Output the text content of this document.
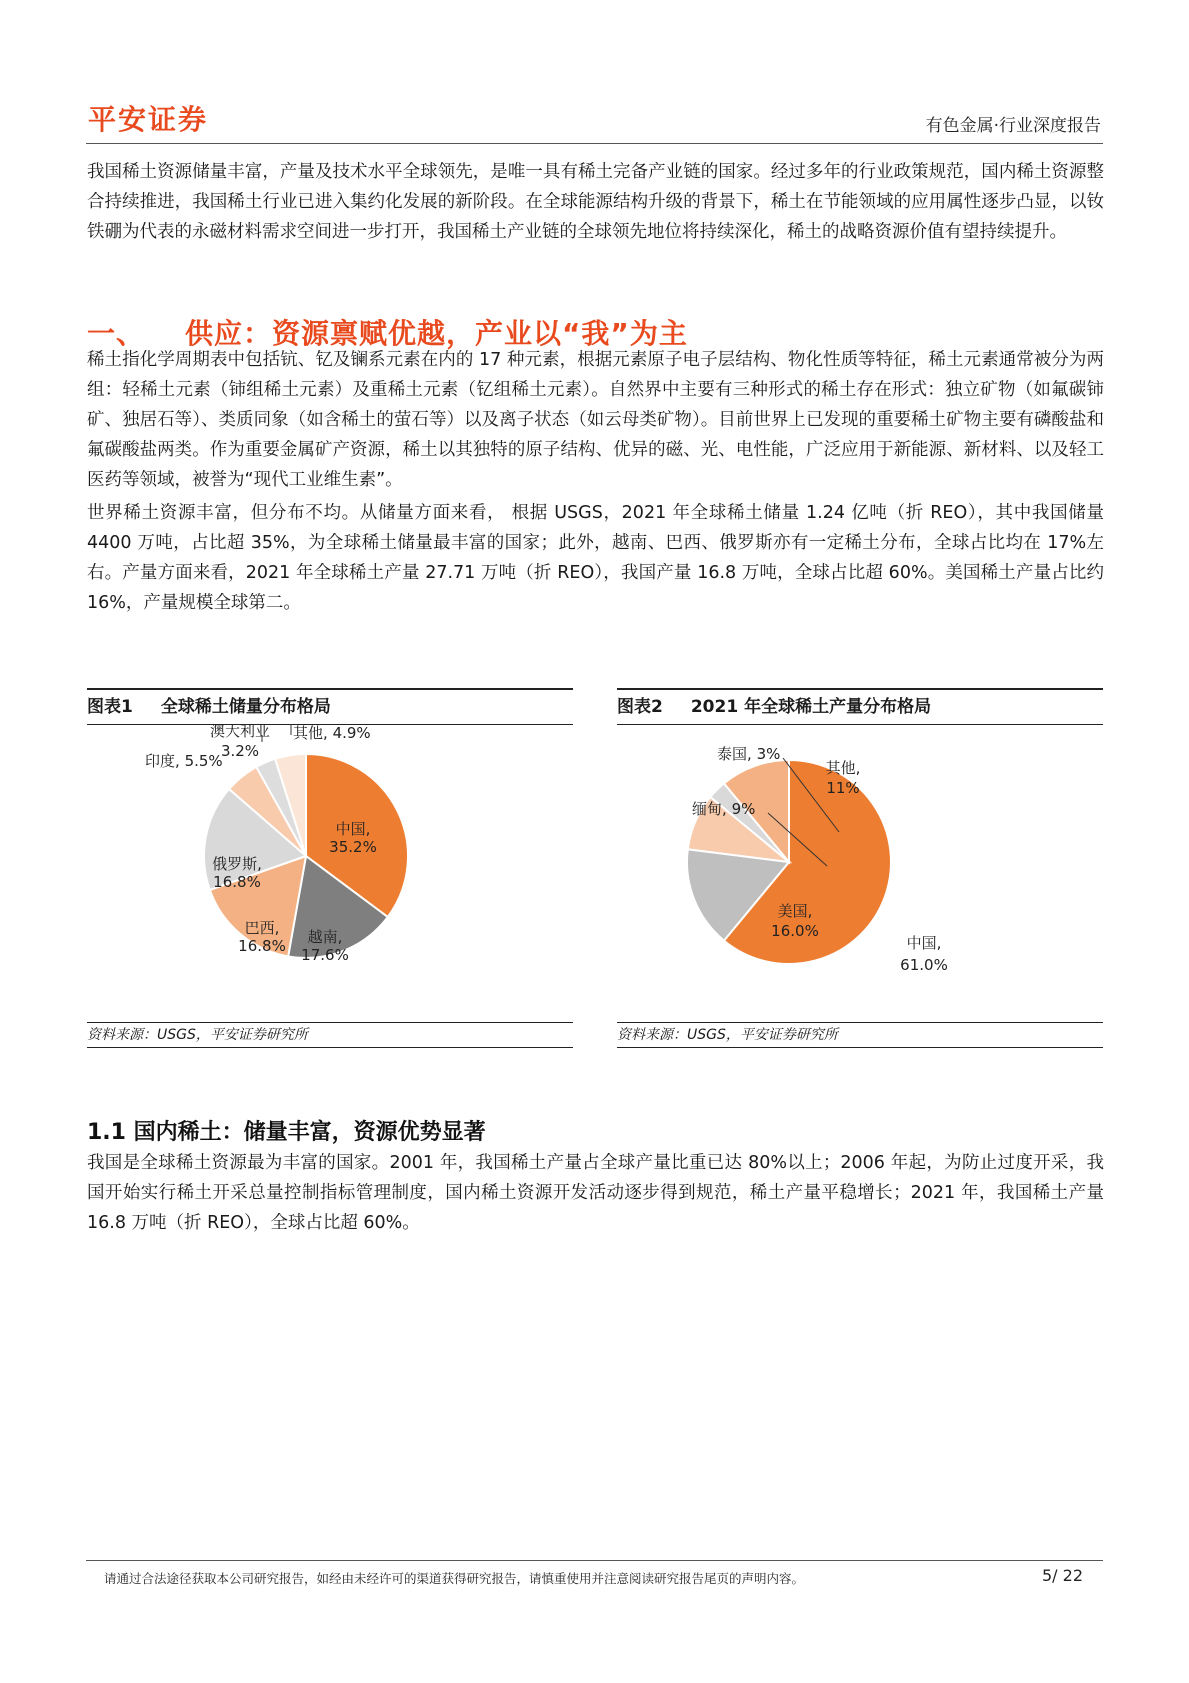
平安证券	有色金属·行业深度报告

我国稀土资源储量丰富，产量及技术水平全球领先，是唯一具有稀土完备产业链的国家。经过多年的行业政策规范，国内稀土资源整合持续推进，我国稀土行业已进入集约化发展的新阶段。在全球能源结构升级的背景下，稀土在节能领域的应用属性逐步凸显，以钕铁硼为代表的永磁材料需求空间进一步打开，我国稀土产业链的全球领先地位将持续深化，稀土的战略资源价值有望持续提升。

一、 供应：资源禀赋优越，产业以“我”为主

稀土指化学周期表中包括钪、钇及镧系元素在内的 17 种元素，根据元素原子电子层结构、物化性质等特征，稀土元素通常被分为两组：轻稀土元素（铈组稀土元素）及重稀土元素（钇组稀土元素）。自然界中主要有三种形式的稀土存在形式：独立矿物（如氟碳铈矿、独居石等）、类质同象（如含稀土的萤石等）以及离子状态（如云母类矿物）。目前世界上已发现的重要稀土矿物主要有磷酸盐和氟碳酸盐两类。作为重要金属矿产资源，稀土以其独特的原子结构、优异的磁、光、电性能，广泛应用于新能源、新材料、以及轻工医药等领域，被誉为“现代工业维生素”。

世界稀土资源丰富，但分布不均。从储量方面来看， 根据 USGS，2021 年全球稀土储量 1.24 亿吨（折 REO），其中我国储量 4400 万吨，占比超 35%，为全球稀土储量最丰富的国家；此外，越南、巴西、俄罗斯亦有一定稀土分布，全球占比均在 17%左右。产量方面来看，2021 年全球稀土产量 27.71 万吨（折 REO），我国产量 16.8 万吨，全球占比超 60%。美国稀土产量占比约 16%，产量规模全球第二。

图表1 全球稀土储量分布格局
中国, 35.2%
越南, 17.6%
巴西, 16.8%
俄罗斯, 16.8%
印度, 5.5%
澳大利亚 3.2%
其他, 4.9%
资料来源：USGS，平安证券研究所
图表2 2021 年全球稀土产量分布格局
中国, 61.0%
美国, 16.0%
缅甸, 9%
泰国, 3%
其他, 11%
资料来源：USGS，平安证券研究所
1.1 国内稀土：储量丰富，资源优势显著

我国是全球稀土资源最为丰富的国家。2001 年，我国稀土产量占全球产量比重已达 80%以上；2006 年起，为防止过度开采，我国开始实行稀土开采总量控制指标管理制度，国内稀土资源开发活动逐步得到规范，稀土产量平稳增长；2021 年，我国稀土产量 16.8 万吨（折 REO），全球占比超 60%。

请通过合法途径获取本公司研究报告，如经由未经许可的渠道获得研究报告，请慎重使用并注意阅读研究报告尾页的声明内容。	5/ 22
